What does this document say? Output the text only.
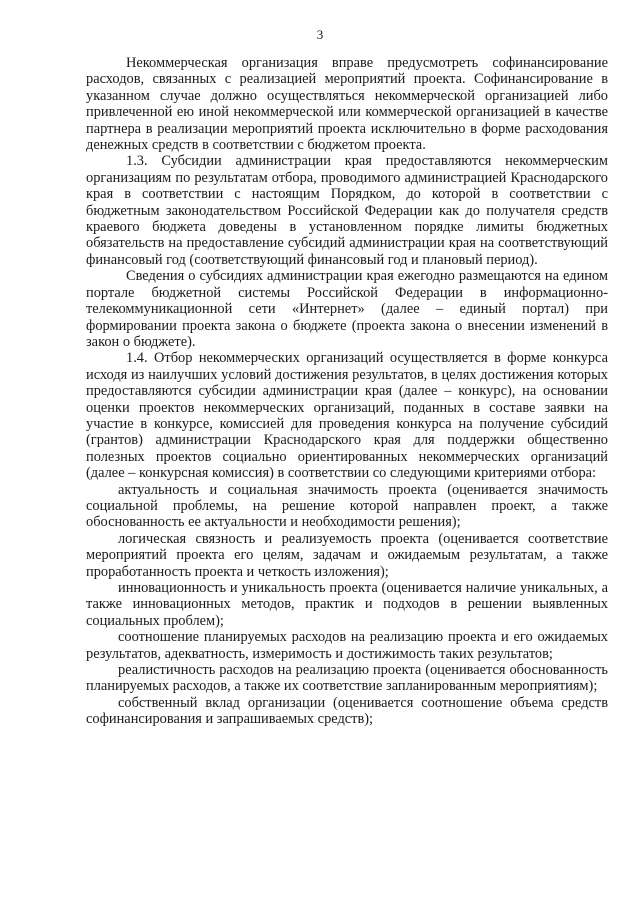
3

Некоммерческая организация вправе предусмотреть софинансирование расходов, связанных с реализацией мероприятий проекта. Софинансирование в указанном случае должно осуществляться некоммерческой организацией либо привлеченной ею иной некоммерческой или коммерческой организацией в качестве партнера в реализации мероприятий проекта исключительно в форме расходования денежных средств в соответствии с бюджетом проекта.

1.3. Субсидии администрации края предоставляются некоммерческим организациям по результатам отбора, проводимого администрацией Краснодарского края в соответствии с настоящим Порядком, до которой в соответствии с бюджетным законодательством Российской Федерации как до получателя средств краевого бюджета доведены в установленном порядке лимиты бюджетных обязательств на предоставление субсидий администрации края на соответствующий финансовый год (соответствующий финансовый год и плановый период).

Сведения о субсидиях администрации края ежегодно размещаются на едином портале бюджетной системы Российской Федерации в информационно-телекоммуникационной сети «Интернет» (далее – единый портал) при формировании проекта закона о бюджете (проекта закона о внесении изменений в закон о бюджете).

1.4. Отбор некоммерческих организаций осуществляется в форме конкурса исходя из наилучших условий достижения результатов, в целях достижения которых предоставляются субсидии администрации края (далее – конкурс), на основании оценки проектов некоммерческих организаций, поданных в составе заявки на участие в конкурсе, комиссией для проведения конкурса на получение субсидий (грантов) администрации Краснодарского края для поддержки общественно полезных проектов социально ориентированных некоммерческих организаций (далее – конкурсная комиссия) в соответствии со следующими критериями отбора:

актуальность и социальная значимость проекта (оценивается значимость социальной проблемы, на решение которой направлен проект, а также обоснованность ее актуальности и необходимости решения);

логическая связность и реализуемость проекта (оценивается соответствие мероприятий проекта его целям, задачам и ожидаемым результатам, а также проработанность проекта и четкость изложения);

инновационность и уникальность проекта (оценивается наличие уникальных, а также инновационных методов, практик и подходов в решении выявленных социальных проблем);

соотношение планируемых расходов на реализацию проекта и его ожидаемых результатов, адекватность, измеримость и достижимость таких результатов;

реалистичность расходов на реализацию проекта (оценивается обоснованность планируемых расходов, а также их соответствие запланированным мероприятиям);

собственный вклад организации (оценивается соотношение объема средств софинансирования и запрашиваемых средств);
